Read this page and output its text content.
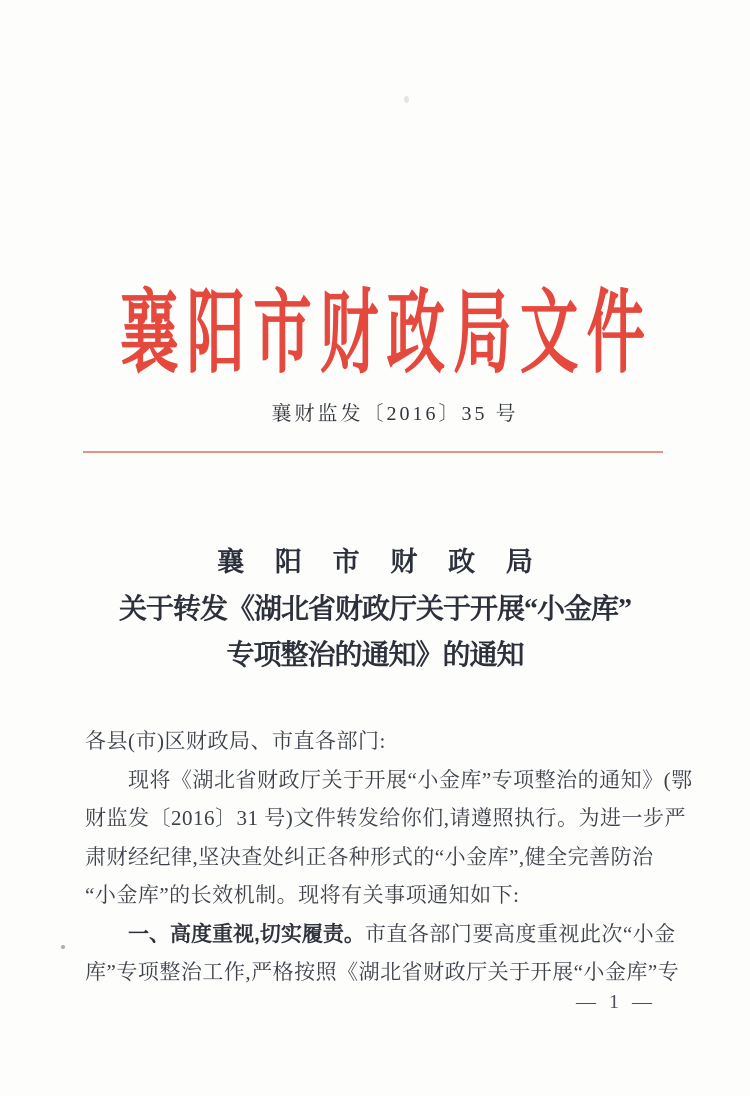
襄阳市财政局文件
襄财监发〔2016〕35 号
襄 阳 市 财 政 局
关于转发《湖北省财政厅关于开展“小金库”
专项整治的通知》的通知
各县(市)区财政局、市直各部门:
现将《湖北省财政厅关于开展“小金库”专项整治的通知》(鄂
财监发〔2016〕31 号)文件转发给你们,请遵照执行。为进一步严
肃财经纪律,坚决查处纠正各种形式的“小金库”,健全完善防治
“小金库”的长效机制。现将有关事项通知如下:
一、高度重视,切实履责。市直各部门要高度重视此次“小金
库”专项整治工作,严格按照《湖北省财政厅关于开展“小金库”专
— 1 —
